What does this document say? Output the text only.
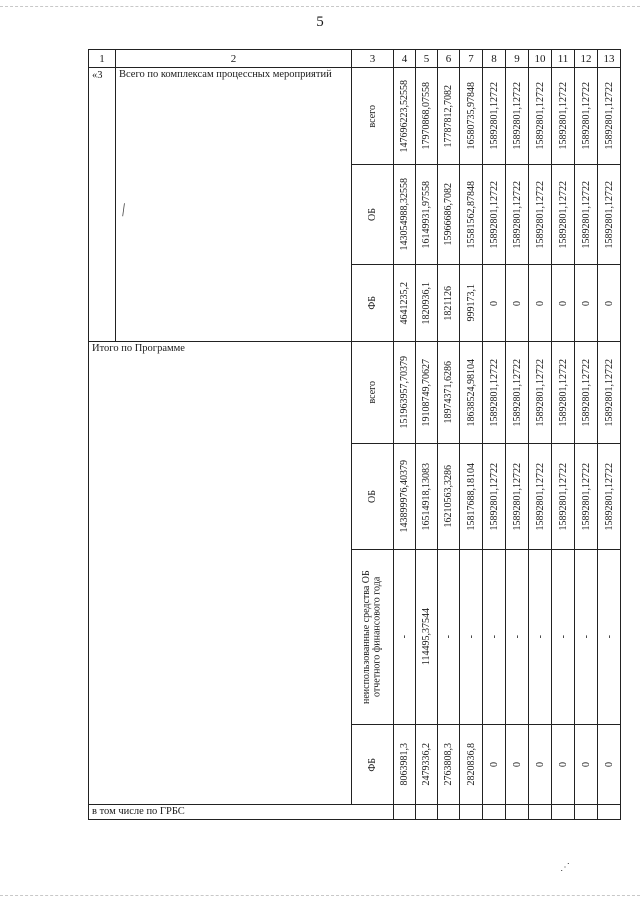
5
1	2	3	4	5	6	7	8	9	10	11	12	13
«3	Всего по комплексам процессных мероприятий	всего	147696223,52558	17970868,07558	17787812,7082	16580735,97848	15892801,12722	15892801,12722	15892801,12722	15892801,12722	15892801,12722	15892801,12722

		ОБ	143054988,32558	16149931,97558	15966686,7082	15581562,87848	15892801,12722	15892801,12722	15892801,12722	15892801,12722	15892801,12722	15892801,12722

		ФБ	4641235,2	1820936,1	1821126	999173,1	0	0	0	0	0	0

Итого по Программе		всего	151963957,70379	19108749,70627	18974371,6286	18638524,98104	15892801,12722	15892801,12722	15892801,12722	15892801,12722	15892801,12722	15892801,12722

		ОБ	143899976,40379	16514918,13083	16210563,3286	15817688,18104	15892801,12722	15892801,12722	15892801,12722	15892801,12722	15892801,12722	15892801,12722

		неиспользованные средства ОБ отчетного финансового года	-	114495,37544	-	-	-	-	-	-	-	-

		ФБ	8063981,3	2479336,2	2763808,3	2820836,8	0	0	0	0	0	0

в том числе по ГРБС												
╲
⋰
